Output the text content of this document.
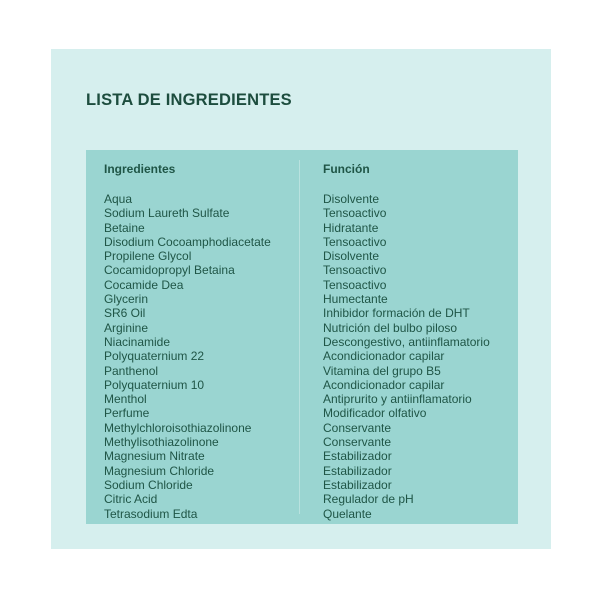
LISTA DE INGREDIENTES
Ingredientes
Aqua
Sodium Laureth Sulfate
Betaine
Disodium Cocoamphodiacetate
Propilene Glycol
Cocamidopropyl Betaina
Cocamide Dea
Glycerin
SR6 Oil
Arginine
Niacinamide
Polyquaternium 22
Panthenol
Polyquaternium 10
Menthol
Perfume
Methylchloroisothiazolinone
Methylisothiazolinone
Magnesium Nitrate
Magnesium Chloride
Sodium Chloride
Citric Acid
Tetrasodium Edta
Función
Disolvente
Tensoactivo
Hidratante
Tensoactivo
Disolvente
Tensoactivo
Tensoactivo
Humectante
Inhibidor formación de DHT
Nutrición del bulbo piloso
Descongestivo, antiinflamatorio
Acondicionador capilar
Vitamina del grupo B5
Acondicionador capilar
Antiprurito y antiinflamatorio
Modificador olfativo
Conservante
Conservante
Estabilizador
Estabilizador
Estabilizador
Regulador de pH
Quelante
